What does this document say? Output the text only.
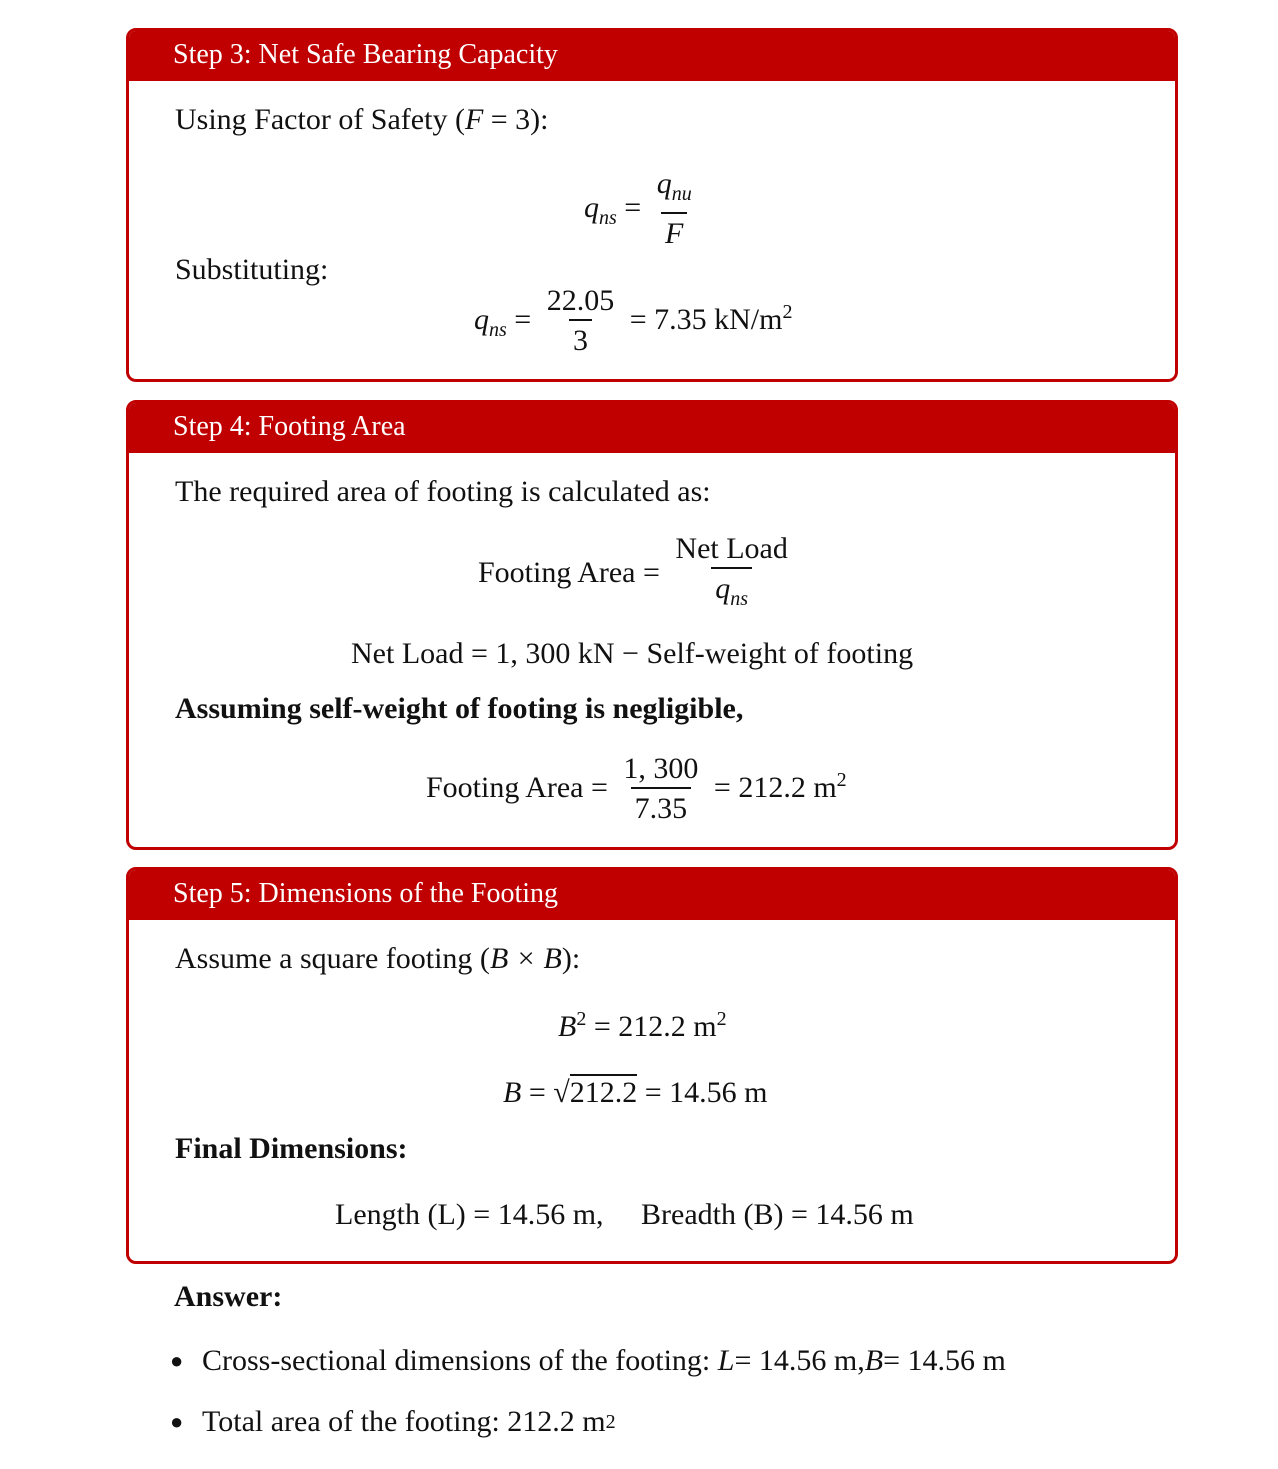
Step 3: Net Safe Bearing Capacity
Using Factor of Safety (F = 3):
$q_{ns} = \frac{q_{nu}}{F}$
Substituting:
$q_{ns} = \frac{22.05}{3} = 7.35$ $kN/m^2$
Step 4: Footing Area
The required area of footing is calculated as:
Footing Area = $\frac{\text{Net Load}}{q_{ns}}$
Net Load = 1, 300 kN − Self-weight of footing
Assuming self-weight of footing is negligible,
Footing Area = $\frac{1, 300}{7.35} = 212.2$ $m^2$
Step 5: Dimensions of the Footing
Assume a square footing (B × B):
$B^2 = 212.2$ $m^2$
B = √212.2 = 14.56 m
Final Dimensions:
Length (L) = 14.56 m,     Breadth (B) = 14.56 m
Answer:
● Cross-sectional dimensions of the footing:
L = 14.56 m, B = 14.56 m
● Total area of the footing: 212.2 m 2
